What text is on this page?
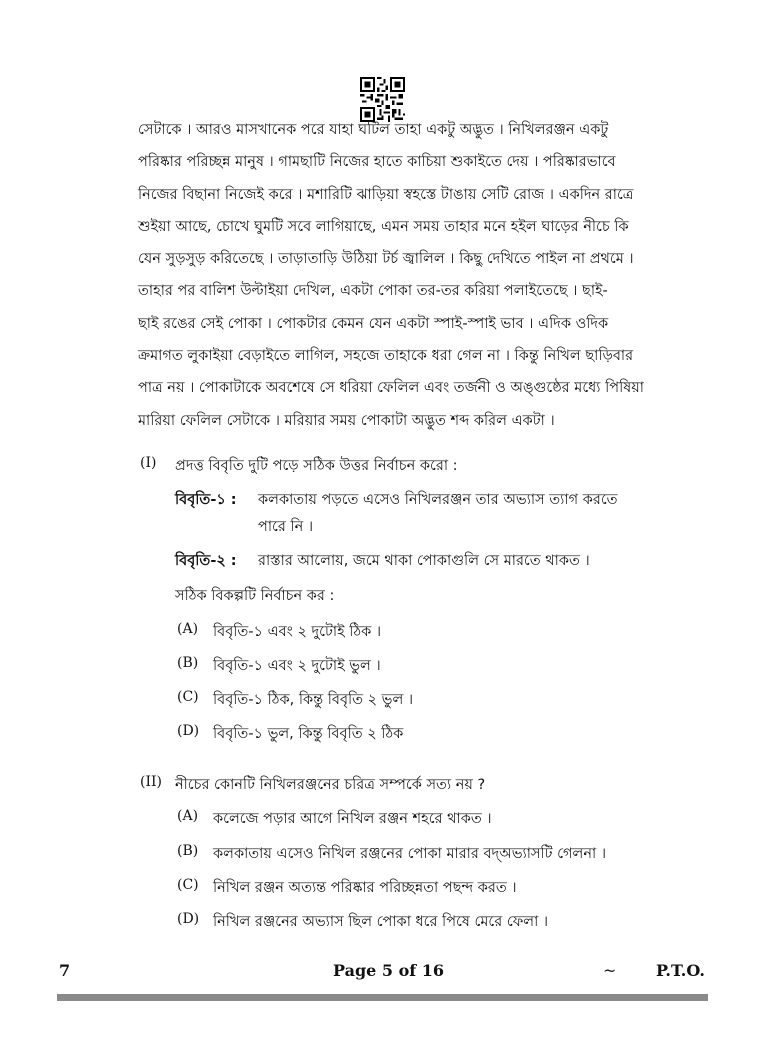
সেটাকে । আরও মাসখানেক পরে যাহা ঘটিল তাহা একটু অদ্ভুত । নিখিলরঞ্জন একটু
পরিষ্কার পরিচ্ছন্ন মানুষ । গামছাটি নিজের হাতে কাচিয়া শুকাইতে দেয় । পরিষ্কারভাবে
নিজের বিছানা নিজেই করে । মশারিটি ঝাড়িয়া স্বহস্তে টাঙায় সেটি রোজ । একদিন রাত্রে
শুইয়া আছে, চোখে ঘুমটি সবে লাগিয়াছে, এমন সময় তাহার মনে হইল ঘাড়ের নীচে কি
যেন সুড়সুড় করিতেছে । তাড়াতাড়ি উঠিয়া টর্চ জ্বালিল । কিছু দেখিতে পাইল না প্রথমে ।
তাহার পর বালিশ উল্টাইয়া দেখিল, একটা পোকা তর-তর করিয়া পলাইতেছে । ছাই-
ছাই রঙের সেই পোকা । পোকটার কেমন যেন একটা স্পাই-স্পাই ভাব । এদিক ওদিক
ক্রমাগত লুকাইয়া বেড়াইতে লাগিল, সহজে তাহাকে ধরা গেল না । কিন্তু নিখিল ছাড়িবার
পাত্র নয় । পোকাটাকে অবশেষে সে ধরিয়া ফেলিল এবং তর্জনী ও অঙ্গুষ্ঠের মধ্যে পিষিয়া
মারিয়া ফেলিল সেটাকে । মরিয়ার সময় পোকাটা অদ্ভুত শব্দ করিল একটা ।
(I) প্রদত্ত বিবৃতি দুটি পড়ে সঠিক উত্তর নির্বাচন করো :
বিবৃতি-১ : কলকাতায় পড়তে এসেও নিখিলরঞ্জন তার অভ্যাস ত্যাগ করতে
পারে নি ।
বিবৃতি-২ : রাস্তার আলোয়, জমে থাকা পোকাগুলি সে মারতে থাকত ।
সঠিক বিকল্পটি নির্বাচন কর :
(A) বিবৃতি-১ এবং ২ দুটোই ঠিক ।
(B) বিবৃতি-১ এবং ২ দুটোই ভুল ।
(C) বিবৃতি-১ ঠিক, কিন্তু বিবৃতি ২ ভুল ।
(D) বিবৃতি-১ ভুল, কিন্তু বিবৃতি ২ ঠিক
(II) নীচের কোনটি নিখিলরঞ্জনের চরিত্র সম্পর্কে সত্য নয় ?
(A) কলেজে পড়ার আগে নিখিল রঞ্জন শহরে থাকত ।
(B) কলকাতায় এসেও নিখিল রঞ্জনের পোকা মারার বদ্অভ্যাসটি গেলনা ।
(C) নিখিল রঞ্জন অত্যন্ত পরিষ্কার পরিচ্ছন্নতা পছন্দ করত ।
(D) নিখিল রঞ্জনের অভ্যাস ছিল পোকা ধরে পিষে মেরে ফেলা ।
7	Page 5 of 16	~ P.T.O.
